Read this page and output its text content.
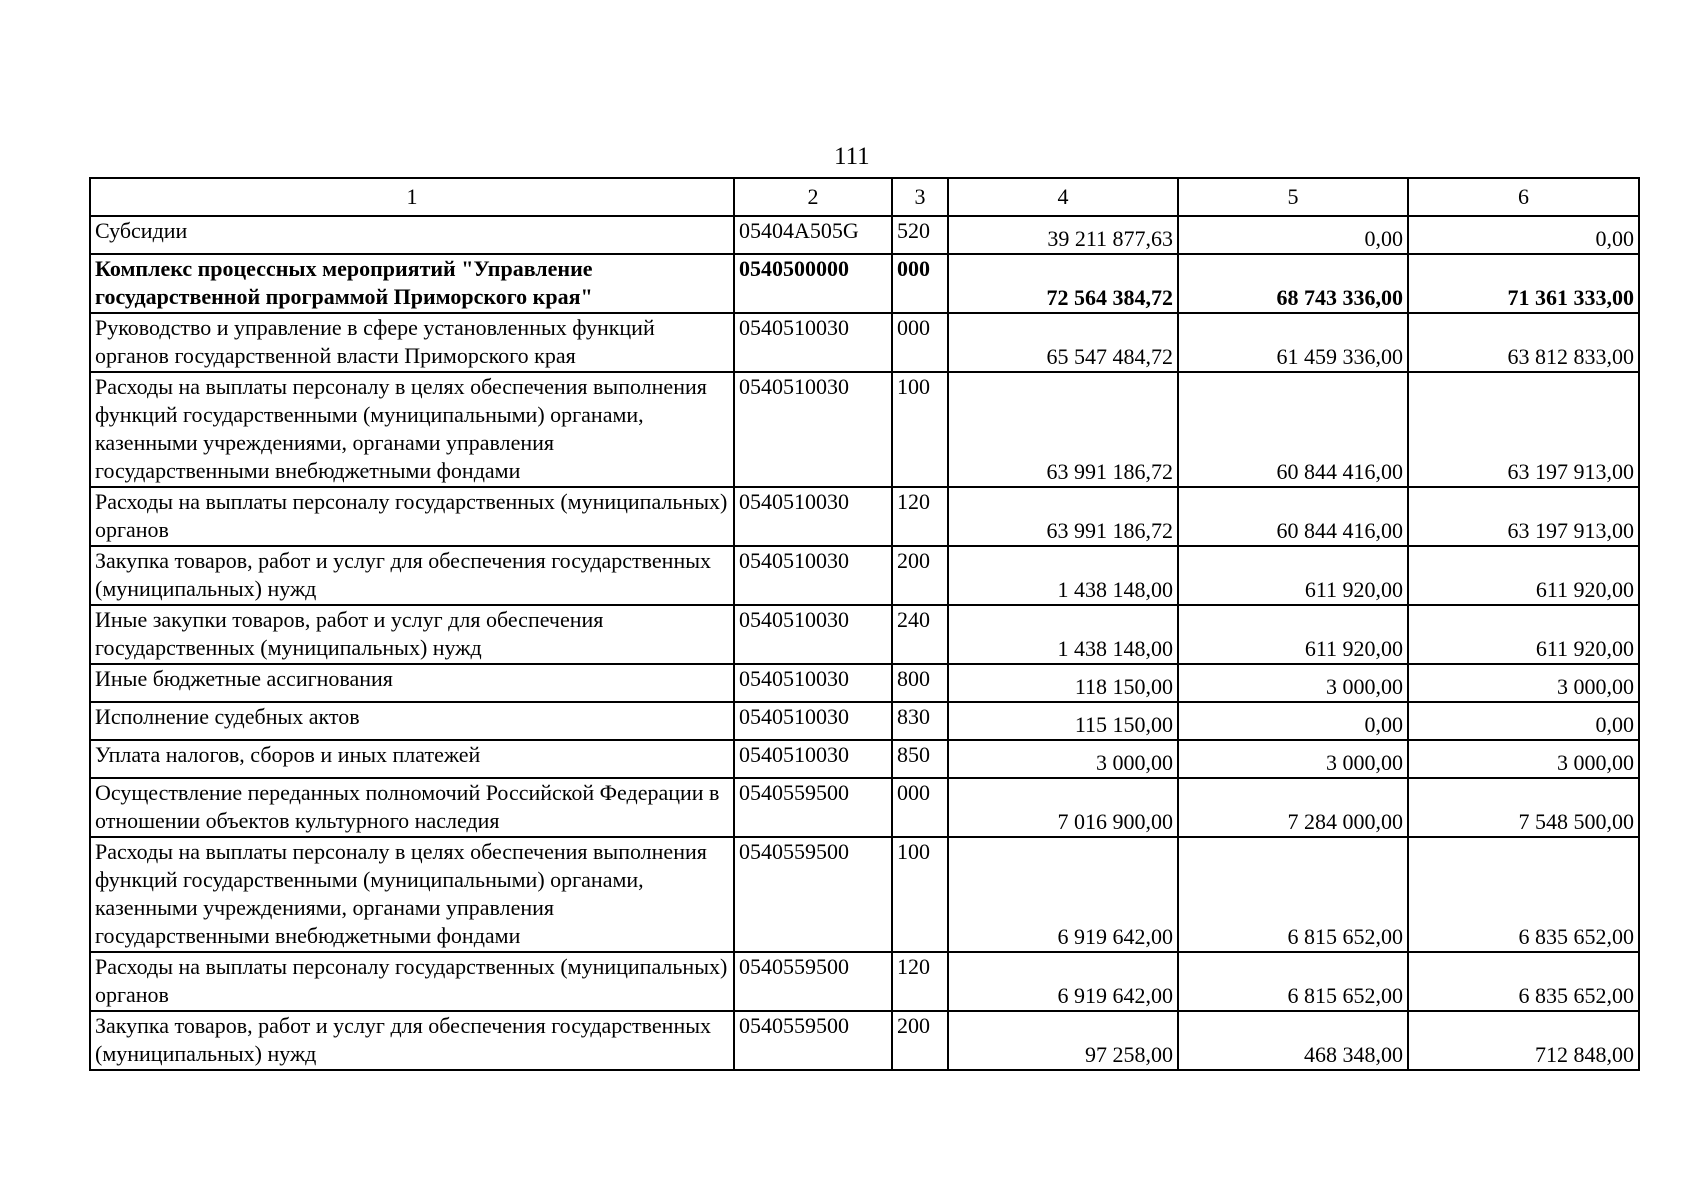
111
1	2	3	4	5	6
Субсидии	05404A505G	520	39 211 877,63	0,00	0,00
Комплекс процессных мероприятий "Управление государственной программой Приморского края"	0540500000	000	72 564 384,72	68 743 336,00	71 361 333,00
Руководство и управление в сфере установленных функций органов государственной власти Приморского края	0540510030	000	65 547 484,72	61 459 336,00	63 812 833,00
Расходы на выплаты персоналу в целях обеспечения выполнения функций государственными (муниципальными) органами, казенными учреждениями, органами управления государственными внебюджетными фондами	0540510030	100	63 991 186,72	60 844 416,00	63 197 913,00
Расходы на выплаты персоналу государственных (муниципальных) органов	0540510030	120	63 991 186,72	60 844 416,00	63 197 913,00
Закупка товаров, работ и услуг для обеспечения государственных (муниципальных) нужд	0540510030	200	1 438 148,00	611 920,00	611 920,00
Иные закупки товаров, работ и услуг для обеспечения государственных (муниципальных) нужд	0540510030	240	1 438 148,00	611 920,00	611 920,00
Иные бюджетные ассигнования	0540510030	800	118 150,00	3 000,00	3 000,00
Исполнение судебных актов	0540510030	830	115 150,00	0,00	0,00
Уплата налогов, сборов и иных платежей	0540510030	850	3 000,00	3 000,00	3 000,00
Осуществление переданных полномочий Российской Федерации в отношении объектов культурного наследия	0540559500	000	7 016 900,00	7 284 000,00	7 548 500,00
Расходы на выплаты персоналу в целях обеспечения выполнения функций государственными (муниципальными) органами, казенными учреждениями, органами управления государственными внебюджетными фондами	0540559500	100	6 919 642,00	6 815 652,00	6 835 652,00
Расходы на выплаты персоналу государственных (муниципальных) органов	0540559500	120	6 919 642,00	6 815 652,00	6 835 652,00
Закупка товаров, работ и услуг для обеспечения государственных (муниципальных) нужд	0540559500	200	97 258,00	468 348,00	712 848,00
